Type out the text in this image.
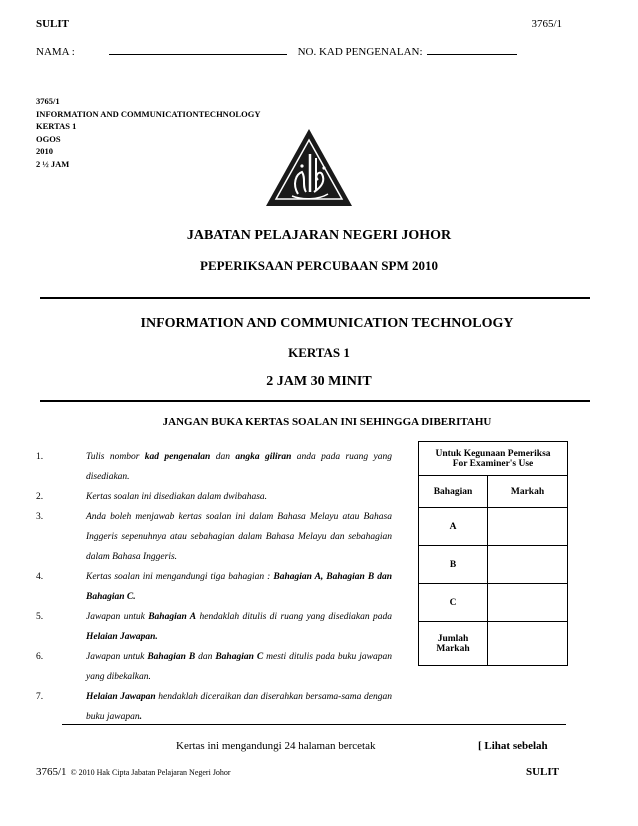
SULIT	3765/1
NAMA :	NO. KAD PENGENALAN:
3765/1
INFORMATION AND COMMUNICATIONTECHNOLOGY
KERTAS 1
OGOS
2010
2 ½ JAM
JABATAN PELAJARAN NEGERI JOHOR
PEPERIKSAAN PERCUBAAN SPM 2010
INFORMATION AND COMMUNICATION TECHNOLOGY
KERTAS 1
2 JAM 30 MINIT
JANGAN BUKA KERTAS SOALAN INI SEHINGGA DIBERITAHU
1.	Tulis nombor kad pengenalan dan angka giliran anda pada ruang yang disediakan.
2.	Kertas soalan ini disediakan dalam dwibahasa.
3.	Anda boleh menjawab kertas soalan ini dalam Bahasa Melayu atau Bahasa Inggeris sepenuhnya atau sebahagian dalam Bahasa Melayu dan sebahagian dalam Bahasa Inggeris.
4.	Kertas soalan ini mengandungi tiga bahagian : Bahagian A, Bahagian B dan Bahagian C.
5.	Jawapan untuk Bahagian A hendaklah ditulis di ruang yang disediakan pada Helaian Jawapan.
6.	Jawapan untuk Bahagian B dan Bahagian C mesti ditulis pada buku jawapan yang dibekalkan.
7.	Helaian Jawapan hendaklah diceraikan dan diserahkan bersama-sama dengan buku jawapan.
Untuk Kegunaan Pemeriksa
For Examiner's Use	

Bahagian	Markah
A	
B	
C	

Jumlah
Markah	

Kertas ini mengandungi 24 halaman bercetak	[ Lihat sebelah
3765/1 © 2010 Hak Cipta Jabatan Pelajaran Negeri Johor	SULIT
